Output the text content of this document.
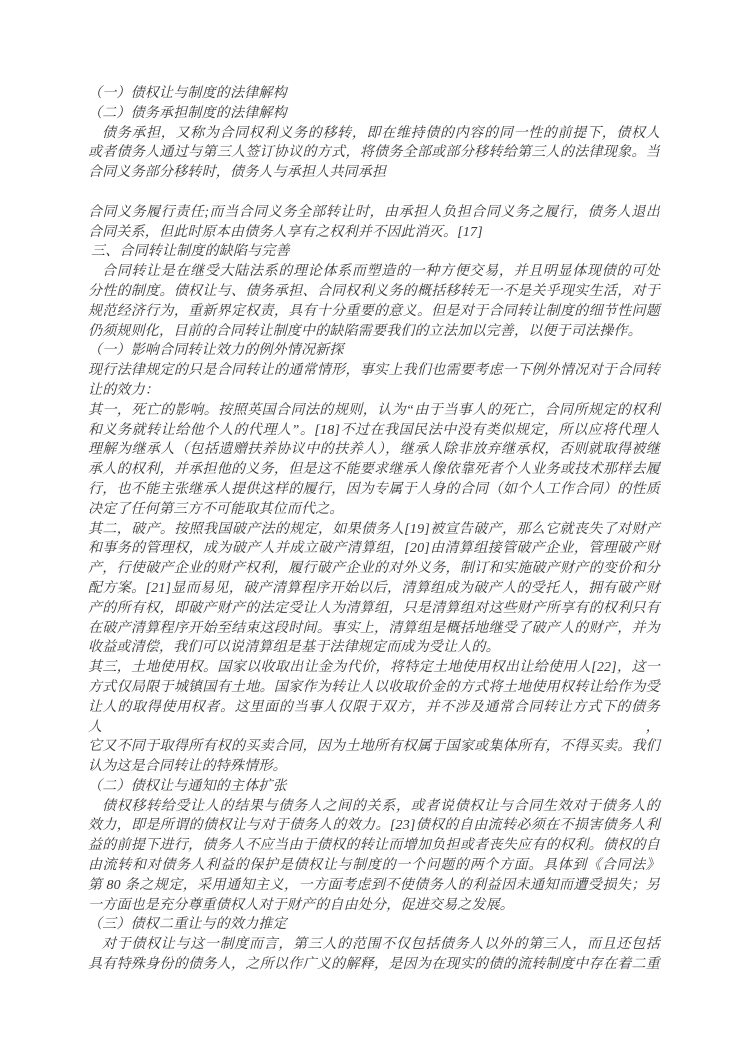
（一）债权让与制度的法律解构
（二）债务承担制度的法律解构
债务承担，又称为合同权利义务的移转，即在维持债的内容的同一性的前提下，债权人
或者债务人通过与第三人签订协议的方式，将债务全部或部分移转给第三人的法律现象。当
合同义务部分移转时，债务人与承担人共同承担
合同义务履行责任;而当合同义务全部转让时，由承担人负担合同义务之履行，债务人退出
合同关系，但此时原本由债务人享有之权利并不因此消灭。[17]
三、合同转让制度的缺陷与完善
合同转让是在继受大陆法系的理论体系而塑造的一种方便交易，并且明显体现债的可处
分性的制度。债权让与、债务承担、合同权利义务的概括移转无一不是关乎现实生活，对于
规范经济行为，重新界定权责，具有十分重要的意义。但是对于合同转让制度的细节性问题
仍须规则化，目前的合同转让制度中的缺陷需要我们的立法加以完善，以便于司法操作。
（一）影响合同转让效力的例外情况新探
现行法律规定的只是合同转让的通常情形，事实上我们也需要考虑一下例外情况对于合同转
让的效力：
其一，死亡的影响。按照英国合同法的规则，认为“由于当事人的死亡，合同所规定的权利
和义务就转让给他个人的代理人”。[18]不过在我国民法中没有类似规定，所以应将代理人
理解为继承人（包括遗赠扶养协议中的扶养人），继承人除非放弃继承权，否则就取得被继
承人的权利，并承担他的义务，但是这不能要求继承人像依靠死者个人业务或技术那样去履
行，也不能主张继承人提供这样的履行，因为专属于人身的合同（如个人工作合同）的性质
决定了任何第三方不可能取其位而代之。
其二，破产。按照我国破产法的规定，如果债务人[19]被宣告破产，那么它就丧失了对财产
和事务的管理权，成为破产人并成立破产清算组，[20]由清算组接管破产企业，管理破产财
产，行使破产企业的财产权利，履行破产企业的对外义务，制订和实施破产财产的变价和分
配方案。[21]显而易见，破产清算程序开始以后，清算组成为破产人的受托人，拥有破产财
产的所有权，即破产财产的法定受让人为清算组，只是清算组对这些财产所享有的权利只有
在破产清算程序开始至结束这段时间。事实上，清算组是概括地继受了破产人的财产，并为
收益或清偿，我们可以说清算组是基于法律规定而成为受让人的。
其三，土地使用权。国家以收取出让金为代价，将特定土地使用权出让给使用人[22]，这一
方式仅局限于城镇国有土地。国家作为转让人以收取价金的方式将土地使用权转让给作为受
让人的取得使用权者。这里面的当事人仅限于双方，并不涉及通常合同转让方式下的债务人，
它又不同于取得所有权的买卖合同，因为土地所有权属于国家或集体所有，不得买卖。我们
认为这是合同转让的特殊情形。
（二）债权让与通知的主体扩张
债权移转给受让人的结果与债务人之间的关系，或者说债权让与合同生效对于债务人的
效力，即是所谓的债权让与对于债务人的效力。[23]债权的自由流转必须在不损害债务人利
益的前提下进行，债务人不应当由于债权的转让而增加负担或者丧失应有的权利。债权的自
由流转和对债务人利益的保护是债权让与制度的一个问题的两个方面。具体到《合同法》
第 80 条之规定，采用通知主义，一方面考虑到不使债务人的利益因未通知而遭受损失；另
一方面也是充分尊重债权人对于财产的自由处分，促进交易之发展。
（三）债权二重让与的效力推定
对于债权让与这一制度而言，第三人的范围不仅包括债务人以外的第三人，而且还包括
具有特殊身份的债务人，之所以作广义的解释，是因为在现实的债的流转制度中存在着二重
